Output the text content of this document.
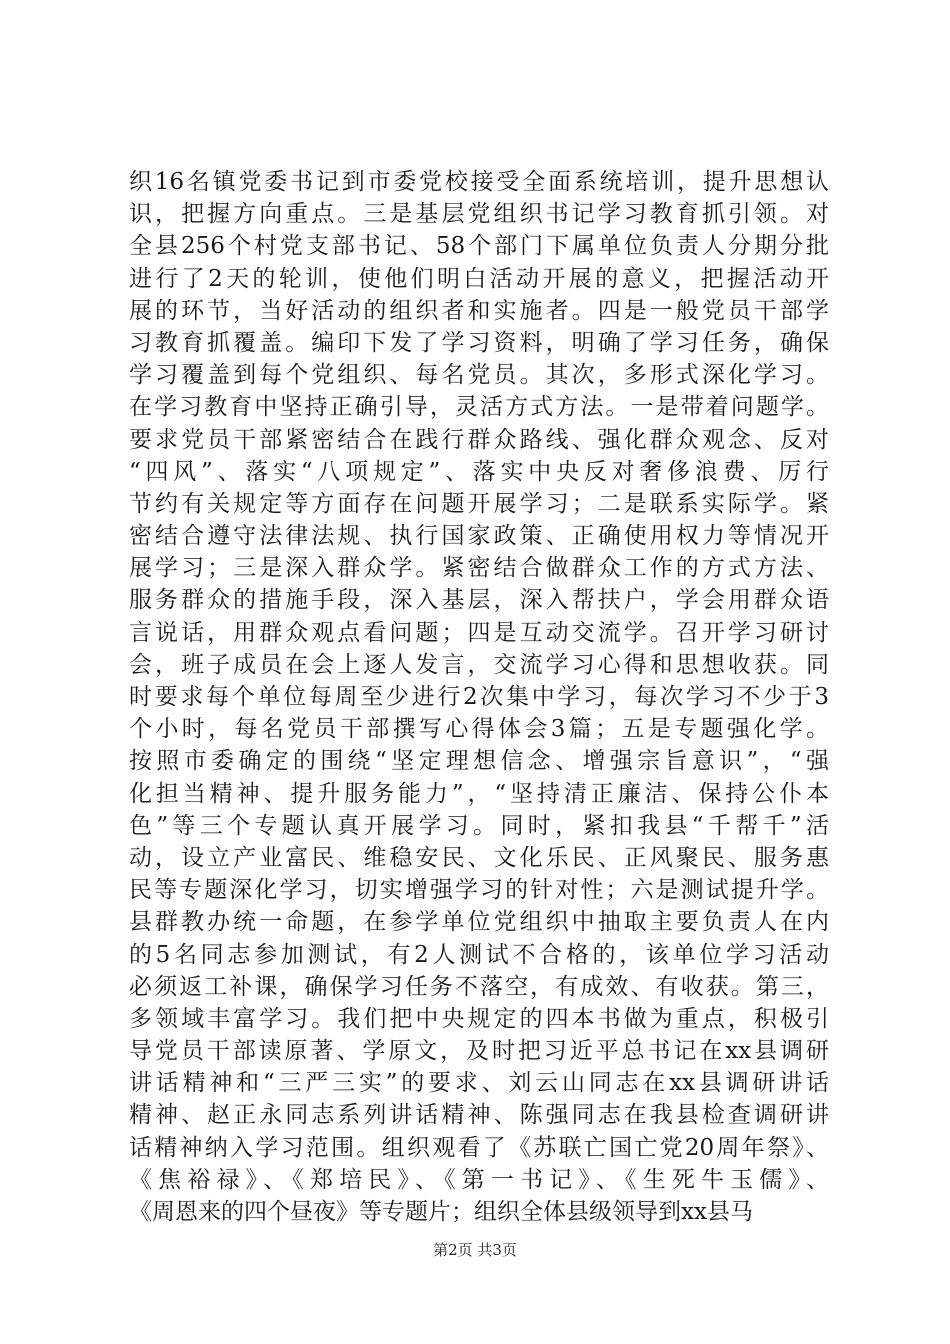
织16名镇党委书记到市委党校接受全面系统培训，提升思想认
识，把握方向重点。三是基层党组织书记学习教育抓引领。对
全县256个村党支部书记、58个部门下属单位负责人分期分批
进行了2天的轮训，使他们明白活动开展的意义，把握活动开
展的环节，当好活动的组织者和实施者。四是一般党员干部学
习教育抓覆盖。编印下发了学习资料，明确了学习任务，确保
学习覆盖到每个党组织、每名党员。其次，多形式深化学习。
在学习教育中坚持正确引导，灵活方式方法。一是带着问题学。
要求党员干部紧密结合在践行群众路线、强化群众观念、反对
“四风”、落实“八项规定”、落实中央反对奢侈浪费、厉行
节约有关规定等方面存在问题开展学习；二是联系实际学。紧
密结合遵守法律法规、执行国家政策、正确使用权力等情况开
展学习；三是深入群众学。紧密结合做群众工作的方式方法、
服务群众的措施手段，深入基层，深入帮扶户，学会用群众语
言说话，用群众观点看问题；四是互动交流学。召开学习研讨
会，班子成员在会上逐人发言，交流学习心得和思想收获。同
时要求每个单位每周至少进行2次集中学习，每次学习不少于3
个小时，每名党员干部撰写心得体会3篇；五是专题强化学。
按照市委确定的围绕“坚定理想信念、增强宗旨意识”，“强
化担当精神、提升服务能力”，“坚持清正廉洁、保持公仆本
色”等三个专题认真开展学习。同时，紧扣我县“千帮千”活
动，设立产业富民、维稳安民、文化乐民、正风聚民、服务惠
民等专题深化学习，切实增强学习的针对性；六是测试提升学。
县群教办统一命题，在参学单位党组织中抽取主要负责人在内
的5名同志参加测试，有2人测试不合格的，该单位学习活动
必须返工补课，确保学习任务不落空，有成效、有收获。第三，
多领域丰富学习。我们把中央规定的四本书做为重点，积极引
导党员干部读原著、学原文，及时把习近平总书记在xx县调研
讲话精神和“三严三实”的要求、刘云山同志在xx县调研讲话
精神、赵正永同志系列讲话精神、陈强同志在我县检查调研讲
话精神纳入学习范围。组织观看了《苏联亡国亡党20周年祭》、
《焦裕禄》、《郑培民》、《第一书记》、《生死牛玉儒》、
《周恩来的四个昼夜》等专题片；组织全体县级领导到xx县马
第2页 共3页
